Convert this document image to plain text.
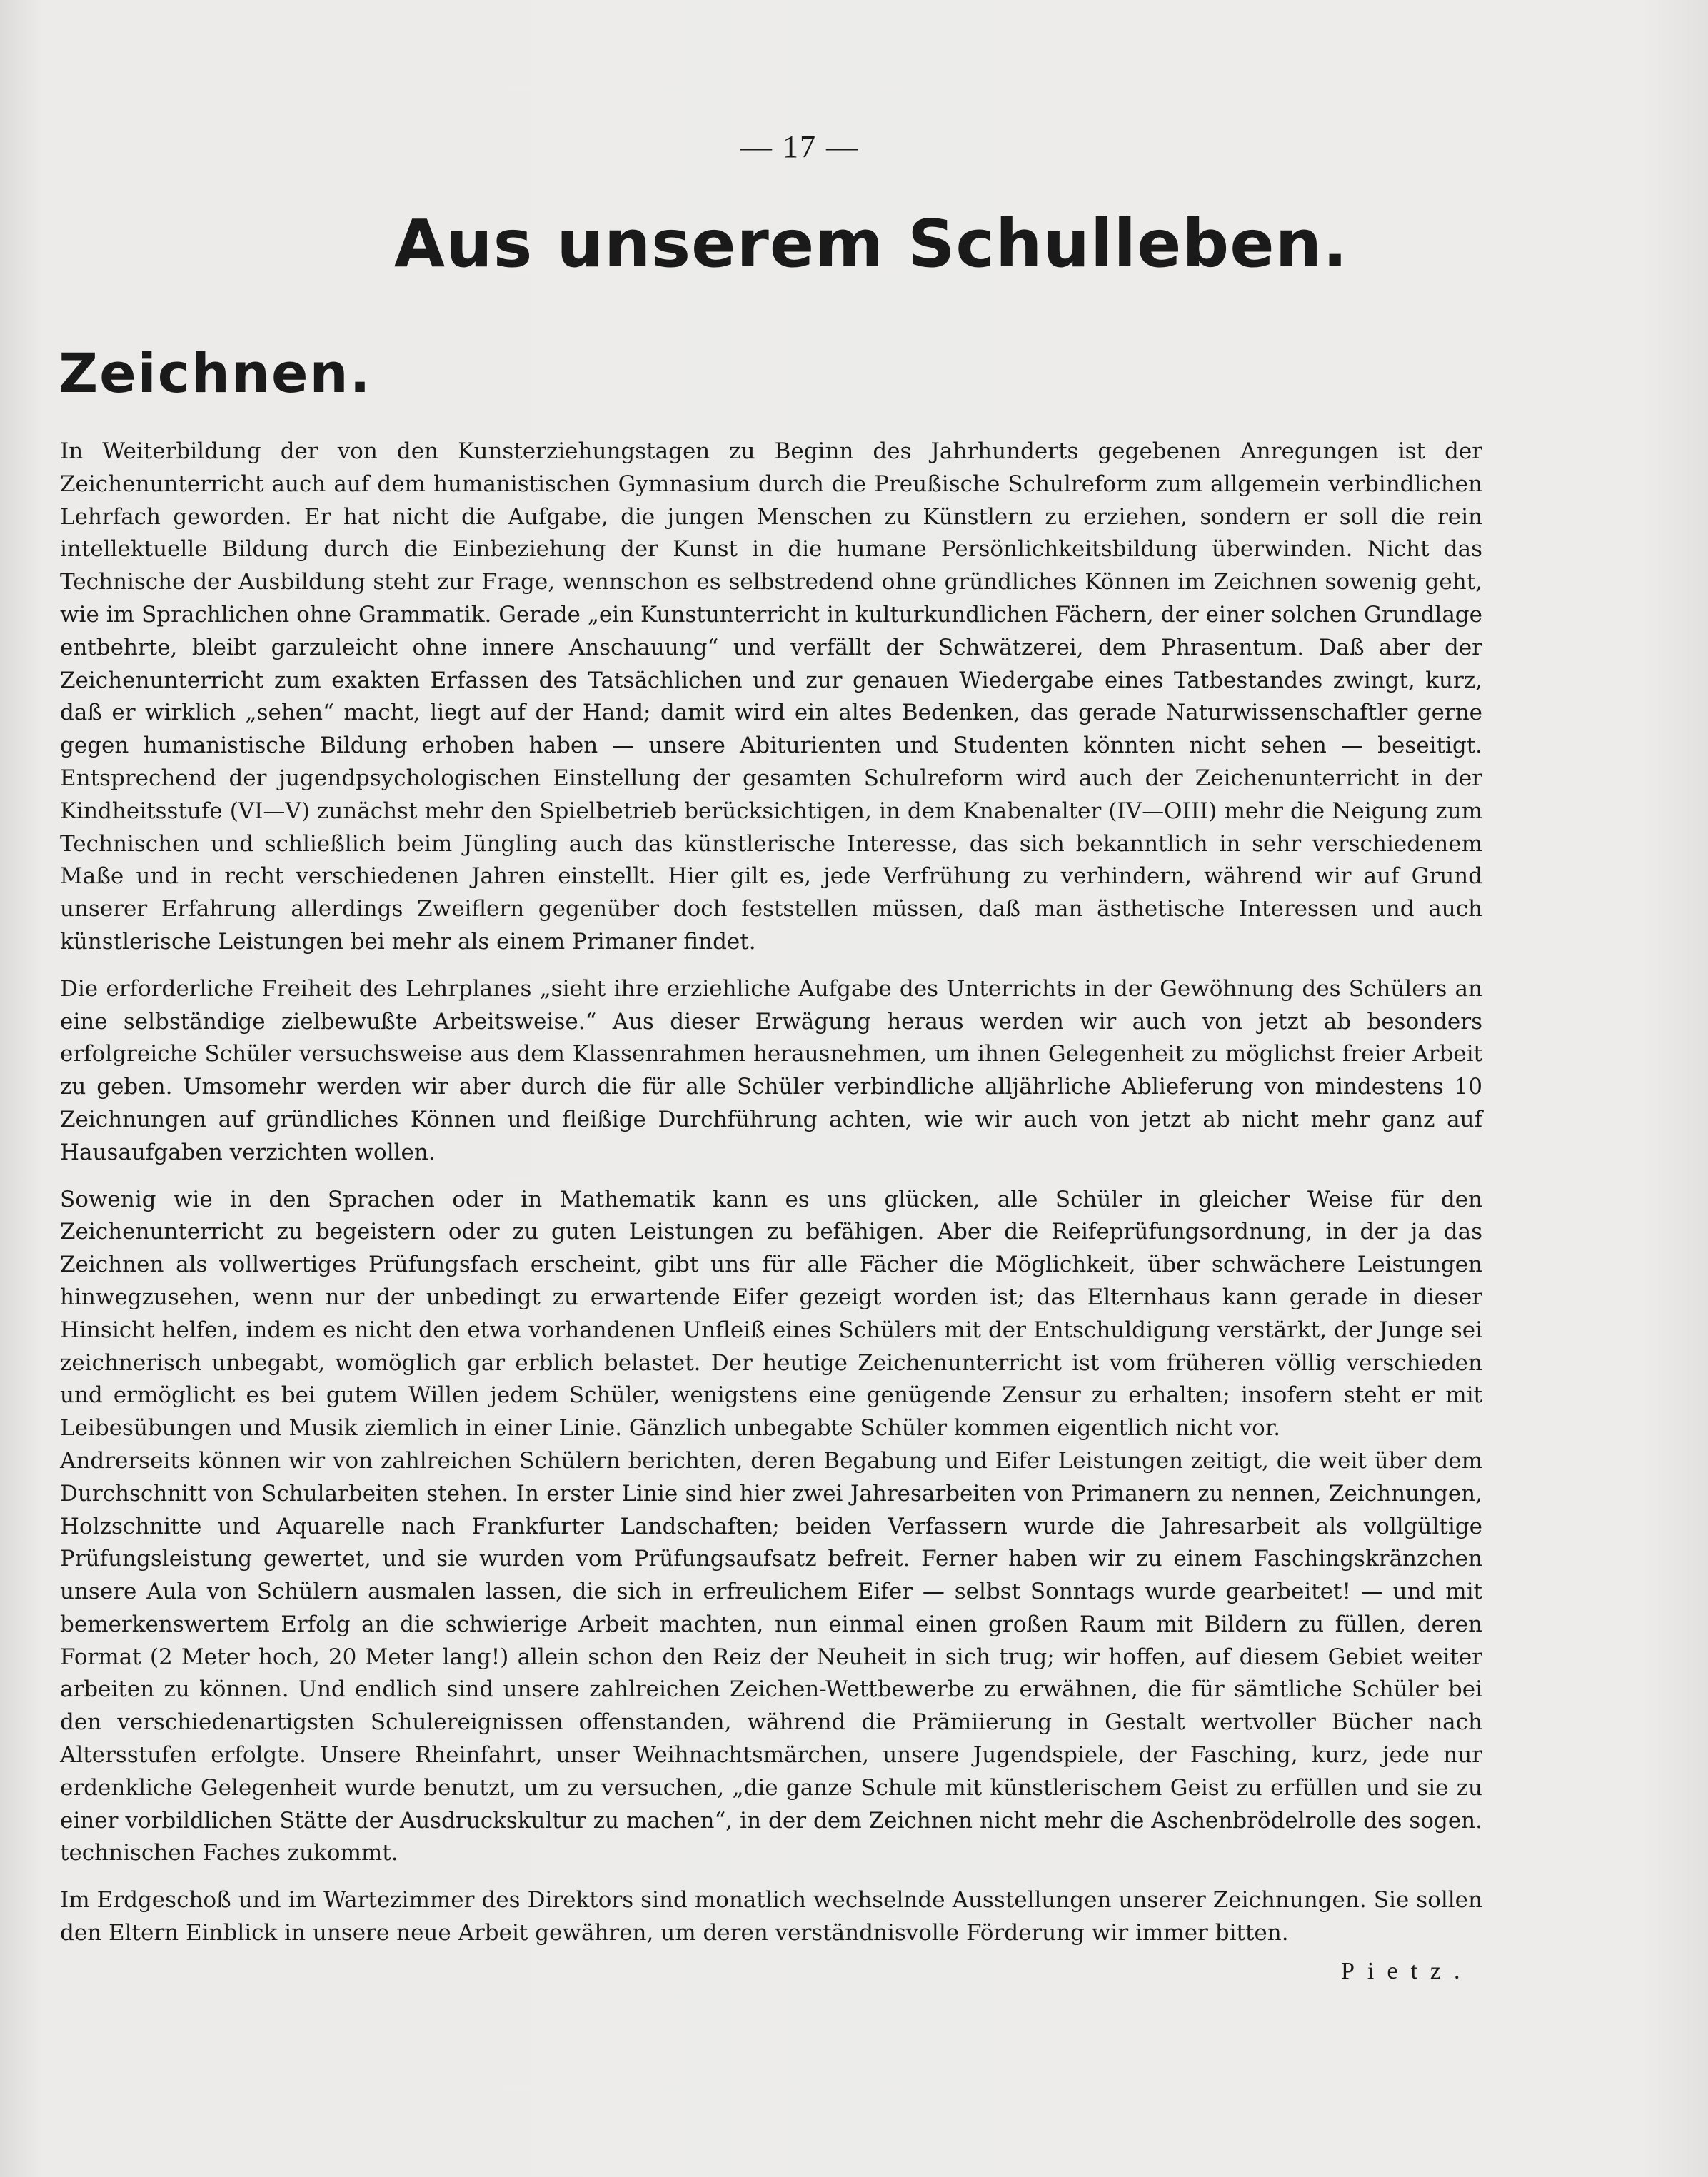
— 17 —
Aus unserem Schulleben.
Zeichnen.

In Weiterbildung der von den Kunsterziehungstagen zu Beginn des Jahrhunderts gegebenen Anregungen ist der Zeichenunterricht auch auf dem humanistischen Gymnasium durch die Preußische Schulreform zum allgemein verbindlichen Lehrfach geworden. Er hat nicht die Aufgabe, die jungen Menschen zu Künstlern zu erziehen, sondern er soll die rein intellektuelle Bildung durch die Einbeziehung der Kunst in die humane Persönlichkeitsbildung überwinden. Nicht das Technische der Ausbildung steht zur Frage, wennschon es selbstredend ohne gründliches Können im Zeichnen sowenig geht, wie im Sprachlichen ohne Grammatik. Gerade „ein Kunstunterricht in kulturkundlichen Fächern, der einer solchen Grundlage entbehrte, bleibt garzuleicht ohne innere Anschauung“ und verfällt der Schwätzerei, dem Phrasentum. Daß aber der Zeichenunterricht zum exakten Erfassen des Tatsächlichen und zur genauen Wiedergabe eines Tatbestandes zwingt, kurz, daß er wirklich „sehen“ macht, liegt auf der Hand; damit wird ein altes Bedenken, das gerade Naturwissenschaftler gerne gegen humanistische Bildung erhoben haben — unsere Abiturienten und Studenten könnten nicht sehen — beseitigt. Entsprechend der jugendpsychologischen Einstellung der gesamten Schulreform wird auch der Zeichenunterricht in der Kindheitsstufe (VI—V) zunächst mehr den Spielbetrieb berücksichtigen, in dem Knabenalter (IV—OIII) mehr die Neigung zum Technischen und schließlich beim Jüngling auch das künstlerische Interesse, das sich bekanntlich in sehr verschiedenem Maße und in recht verschiedenen Jahren einstellt. Hier gilt es, jede Verfrühung zu verhindern, während wir auf Grund unserer Erfahrung allerdings Zweiflern gegenüber doch feststellen müssen, daß man ästhetische Interessen und auch künstlerische Leistungen bei mehr als einem Primaner findet.

Die erforderliche Freiheit des Lehrplanes „sieht ihre erziehliche Aufgabe des Unterrichts in der Gewöhnung des Schülers an eine selbständige zielbewußte Arbeitsweise.“ Aus dieser Erwägung heraus werden wir auch von jetzt ab besonders erfolgreiche Schüler versuchsweise aus dem Klassenrahmen herausnehmen, um ihnen Gelegenheit zu möglichst freier Arbeit zu geben. Umsomehr werden wir aber durch die für alle Schüler verbindliche alljährliche Ablieferung von mindestens 10 Zeichnungen auf gründliches Können und fleißige Durchführung achten, wie wir auch von jetzt ab nicht mehr ganz auf Hausaufgaben verzichten wollen.

Sowenig wie in den Sprachen oder in Mathematik kann es uns glücken, alle Schüler in gleicher Weise für den Zeichenunterricht zu begeistern oder zu guten Leistungen zu befähigen. Aber die Reifeprüfungsordnung, in der ja das Zeichnen als vollwertiges Prüfungsfach erscheint, gibt uns für alle Fächer die Möglichkeit, über schwächere Leistungen hinwegzusehen, wenn nur der unbedingt zu erwartende Eifer gezeigt worden ist; das Elternhaus kann gerade in dieser Hinsicht helfen, indem es nicht den etwa vorhandenen Unfleiß eines Schülers mit der Entschuldigung verstärkt, der Junge sei zeichnerisch unbegabt, womöglich gar erblich belastet. Der heutige Zeichenunterricht ist vom früheren völlig verschieden und ermöglicht es bei gutem Willen jedem Schüler, wenigstens eine genügende Zensur zu erhalten; insofern steht er mit Leibesübungen und Musik ziemlich in einer Linie. Gänzlich unbegabte Schüler kommen eigentlich nicht vor.

Andrerseits können wir von zahlreichen Schülern berichten, deren Begabung und Eifer Leistungen zeitigt, die weit über dem Durchschnitt von Schularbeiten stehen. In erster Linie sind hier zwei Jahresarbeiten von Primanern zu nennen, Zeichnungen, Holzschnitte und Aquarelle nach Frankfurter Landschaften; beiden Verfassern wurde die Jahresarbeit als vollgültige Prüfungsleistung gewertet, und sie wurden vom Prüfungsaufsatz befreit. Ferner haben wir zu einem Faschingskränzchen unsere Aula von Schülern ausmalen lassen, die sich in erfreulichem Eifer — selbst Sonntags wurde gearbeitet! — und mit bemerkenswertem Erfolg an die schwierige Arbeit machten, nun einmal einen großen Raum mit Bildern zu füllen, deren Format (2 Meter hoch, 20 Meter lang!) allein schon den Reiz der Neuheit in sich trug; wir hoffen, auf diesem Gebiet weiter arbeiten zu können. Und endlich sind unsere zahlreichen Zeichen-Wettbewerbe zu erwähnen, die für sämtliche Schüler bei den verschiedenartigsten Schulereignissen offenstanden, während die Prämiierung in Gestalt wertvoller Bücher nach Altersstufen erfolgte. Unsere Rheinfahrt, unser Weihnachtsmärchen, unsere Jugendspiele, der Fasching, kurz, jede nur erdenkliche Gelegenheit wurde benutzt, um zu versuchen, „die ganze Schule mit künstlerischem Geist zu erfüllen und sie zu einer vorbildlichen Stätte der Ausdruckskultur zu machen“, in der dem Zeichnen nicht mehr die Aschenbrödelrolle des sogen. technischen Faches zukommt.

Im Erdgeschoß und im Wartezimmer des Direktors sind monatlich wechselnde Ausstellungen unserer Zeichnungen. Sie sollen den Eltern Einblick in unsere neue Arbeit gewähren, um deren verständnisvolle Förderung wir immer bitten.

Pietz.
